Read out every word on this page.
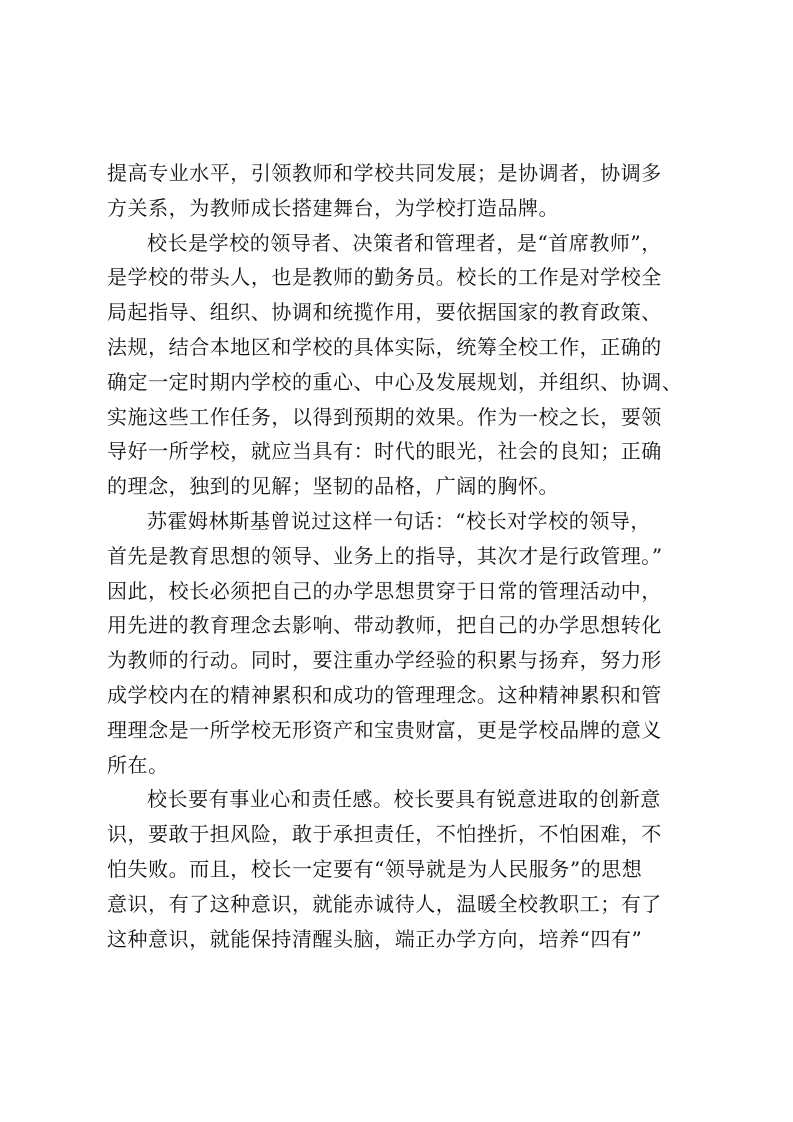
提高专业水平，引领教师和学校共同发展；是协调者，协调多
方关系，为教师成长搭建舞台，为学校打造品牌。
校长是学校的领导者、决策者和管理者，是“首席教师”，
是学校的带头人，也是教师的勤务员。校长的工作是对学校全
局起指导、组织、协调和统揽作用，要依据国家的教育政策、
法规，结合本地区和学校的具体实际，统筹全校工作，正确的
确定一定时期内学校的重心、中心及发展规划，并组织、协调、
实施这些工作任务，以得到预期的效果。作为一校之长，要领
导好一所学校，就应当具有：时代的眼光，社会的良知；正确
的理念，独到的见解；坚韧的品格，广阔的胸怀。
苏霍姆林斯基曾说过这样一句话：“校长对学校的领导，
首先是教育思想的领导、业务上的指导，其次才是行政管理。”
因此，校长必须把自己的办学思想贯穿于日常的管理活动中，
用先进的教育理念去影响、带动教师，把自己的办学思想转化
为教师的行动。同时，要注重办学经验的积累与扬弃，努力形
成学校内在的精神累积和成功的管理理念。这种精神累积和管
理理念是一所学校无形资产和宝贵财富，更是学校品牌的意义
所在。
校长要有事业心和责任感。校长要具有锐意进取的创新意
识，要敢于担风险，敢于承担责任，不怕挫折，不怕困难，不
怕失败。而且，校长一定要有“领导就是为人民服务”的思想
意识，有了这种意识，就能赤诚待人，温暖全校教职工；有了
这种意识，就能保持清醒头脑，端正办学方向，培养“四有”
